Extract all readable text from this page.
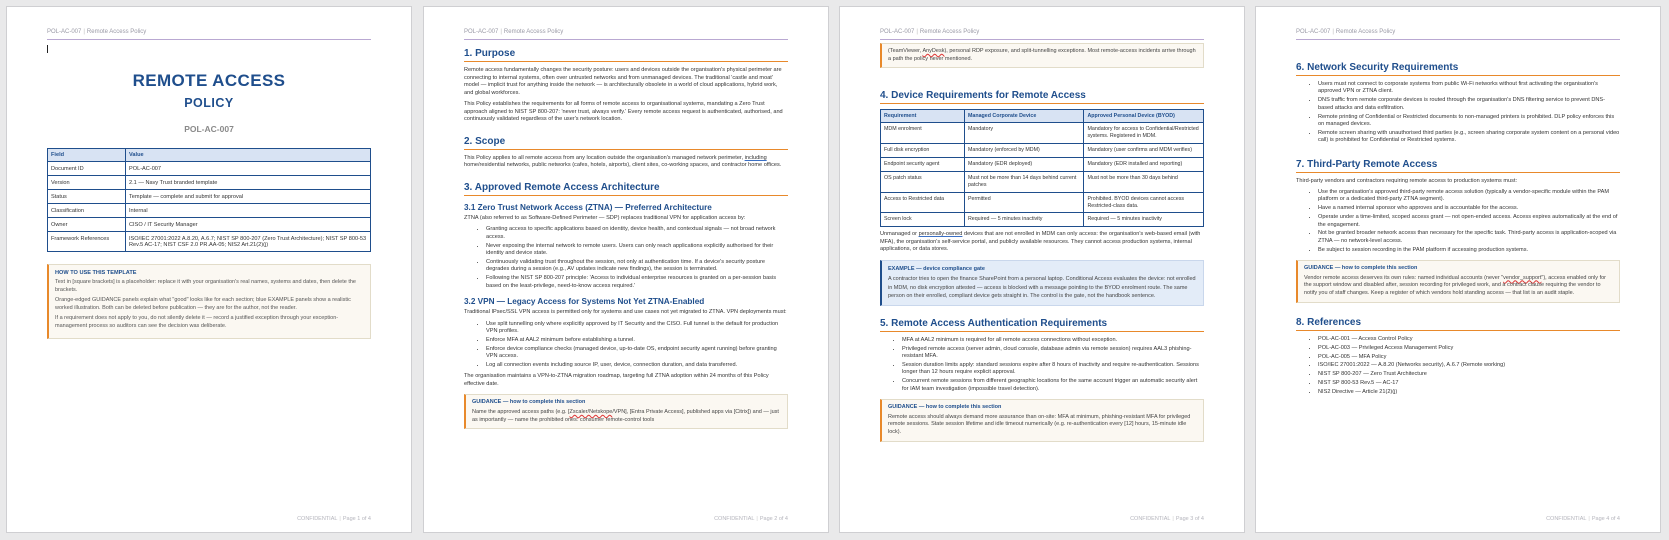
POL-AC-007 | Remote Access Policy
REMOTE ACCESS
POLICY
POL-AC-007
Field	Value
Document ID	POL-AC-007
Version	2.1 — Navy Trust branded template
Status	Template — complete and submit for approval
Classification	Internal
Owner	CISO / IT Security Manager
Framework References	ISO/IEC 27001:2022 A.8.20, A.6.7; NIST SP 800-207 (Zero Trust Architecture); NIST SP 800-53 Rev.5 AC-17; NIST CSF 2.0 PR.AA-05; NIS2 Art.21(2)(j)
HOW TO USE THIS TEMPLATE

Text in [square brackets] is a placeholder: replace it with your organisation's real names, systems and dates, then delete the brackets.

Orange-edged GUIDANCE panels explain what "good" looks like for each section; blue EXAMPLE panels show a realistic worked illustration. Both can be deleted before publication — they are for the author, not the reader.

If a requirement does not apply to you, do not silently delete it — record a justified exception through your exception-management process so auditors can see the decision was deliberate.

CONFIDENTIAL | Page 1 of 4
POL-AC-007 | Remote Access Policy
1. Purpose

Remote access fundamentally changes the security posture: users and devices outside the organisation's physical perimeter are connecting to internal systems, often over untrusted networks and from unmanaged devices. The traditional 'castle and moat' model — implicit trust for anything inside the network — is architecturally obsolete in a world of cloud applications, hybrid work, and global workforces.

This Policy establishes the requirements for all forms of remote access to organisational systems, mandating a Zero Trust approach aligned to NIST SP 800-207: 'never trust, always verify.' Every remote access request is authenticated, authorised, and continuously validated regardless of the user's network location.

2. Scope

This Policy applies to all remote access from any location outside the organisation's managed network perimeter, including home/residential networks, public networks (cafes, hotels, airports), client sites, co-working spaces, and contractor home offices.

3. Approved Remote Access Architecture
3.1 Zero Trust Network Access (ZTNA) — Preferred Architecture

ZTNA (also referred to as Software-Defined Perimeter — SDP) replaces traditional VPN for application access by:

• Granting access to specific applications based on identity, device health, and contextual signals — not broad network access.
• Never exposing the internal network to remote users. Users can only reach applications explicitly authorised for their identity and device state.
• Continuously validating trust throughout the session, not only at authentication time. If a device's security posture degrades during a session (e.g., AV updates indicate new findings), the session is terminated.
• Following the NIST SP 800-207 principle: 'Access to individual enterprise resources is granted on a per-session basis based on the least-privilege, need-to-know access required.'
3.2 VPN — Legacy Access for Systems Not Yet ZTNA-Enabled

Traditional IPsec/SSL VPN access is permitted only for systems and use cases not yet migrated to ZTNA. VPN deployments must:

• Use split tunnelling only where explicitly approved by IT Security and the CISO. Full tunnel is the default for production VPN profiles.
• Enforce MFA at AAL2 minimum before establishing a tunnel.
• Enforce device compliance checks (managed device, up-to-date OS, endpoint security agent running) before granting VPN access.
• Log all connection events including source IP, user, device, connection duration, and data transferred.

The organisation maintains a VPN-to-ZTNA migration roadmap, targeting full ZTNA adoption within 24 months of this Policy effective date.

GUIDANCE — how to complete this section
Name the approved access paths (e.g. [Zscaler/Netskope/VPN], [Entra Private Access], published apps via [Citrix]) and — just as importantly — name the prohibited ones: consumer remote-control tools
CONFIDENTIAL | Page 2 of 4
POL-AC-007 | Remote Access Policy
(TeamViewer, AnyDesk), personal RDP exposure, and split-tunnelling exceptions. Most remote-access incidents arrive through a path the policy never mentioned.
4. Device Requirements for Remote Access
Requirement	Managed Corporate Device	Approved Personal Device (BYOD)
MDM enrolment	Mandatory	Mandatory for access to Confidential/Restricted systems. Registered in MDM.
Full disk encryption	Mandatory (enforced by MDM)	Mandatory (user confirms and MDM verifies)
Endpoint security agent	Mandatory (EDR deployed)	Mandatory (EDR installed and reporting)
OS patch status	Must not be more than 14 days behind current patches	Must not be more than 30 days behind
Access to Restricted data	Permitted	Prohibited. BYOD devices cannot access Restricted-class data.
Screen lock	Required — 5 minutes inactivity	Required — 5 minutes inactivity

Unmanaged or personally-owned devices that are not enrolled in MDM can only access: the organisation's web-based email (with MFA), the organisation's self-service portal, and publicly available resources. They cannot access production systems, internal applications, or data stores.

EXAMPLE — device compliance gate
A contractor tries to open the finance SharePoint from a personal laptop. Conditional Access evaluates the device: not enrolled in MDM, no disk encryption attested — access is blocked with a message pointing to the BYOD enrolment route. The same person on their enrolled, compliant device gets straight in. The control is the gate, not the handbook sentence.
5. Remote Access Authentication Requirements
• MFA at AAL2 minimum is required for all remote access connections without exception.
• Privileged remote access (server admin, cloud console, database admin via remote session) requires AAL3 phishing-resistant MFA.
• Session duration limits apply: standard sessions expire after 8 hours of inactivity and require re-authentication. Sessions longer than 12 hours require explicit approval.
• Concurrent remote sessions from different geographic locations for the same account trigger an automatic security alert for IAM team investigation (impossible travel detection).
GUIDANCE — how to complete this section
Remote access should always demand more assurance than on-site: MFA at minimum, phishing-resistant MFA for privileged remote sessions. State session lifetime and idle timeout numerically (e.g. re-authentication every [12] hours, 15-minute idle lock).
CONFIDENTIAL | Page 3 of 4
POL-AC-007 | Remote Access Policy
6. Network Security Requirements
• Users must not connect to corporate systems from public Wi-Fi networks without first activating the organisation's approved VPN or ZTNA client.
• DNS traffic from remote corporate devices is routed through the organisation's DNS filtering service to prevent DNS-based attacks and data exfiltration.
• Remote printing of Confidential or Restricted documents to non-managed printers is prohibited. DLP policy enforces this on managed devices.
• Remote screen sharing with unauthorised third parties (e.g., screen sharing corporate system content on a personal video call) is prohibited for Confidential or Restricted systems.
7. Third-Party Remote Access

Third-party vendors and contractors requiring remote access to production systems must:

• Use the organisation's approved third-party remote access solution (typically a vendor-specific module within the PAM platform or a dedicated third-party ZTNA segment).
• Have a named internal sponsor who approves and is accountable for the access.
• Operate under a time-limited, scoped access grant — not open-ended access. Access expires automatically at the end of the engagement.
• Not be granted broader network access than necessary for the specific task. Third-party access is application-scoped via ZTNA — no network-level access.
• Be subject to session recording in the PAM platform if accessing production systems.
GUIDANCE — how to complete this section
Vendor remote access deserves its own rules: named individual accounts (never "vendor_support"), access enabled only for the support window and disabled after, session recording for privileged work, and a contract clause requiring the vendor to notify you of staff changes. Keep a register of which vendors hold standing access — that list is an audit staple.
8. References
• POL-AC-001 — Access Control Policy
• POL-AC-003 — Privileged Access Management Policy
• POL-AC-005 — MFA Policy
• ISO/IEC 27001:2022 — A.8.20 (Networks security), A.6.7 (Remote working)
• NIST SP 800-207 — Zero Trust Architecture
• NIST SP 800-53 Rev.5 — AC-17
• NIS2 Directive — Article 21(2)(j)
CONFIDENTIAL | Page 4 of 4
